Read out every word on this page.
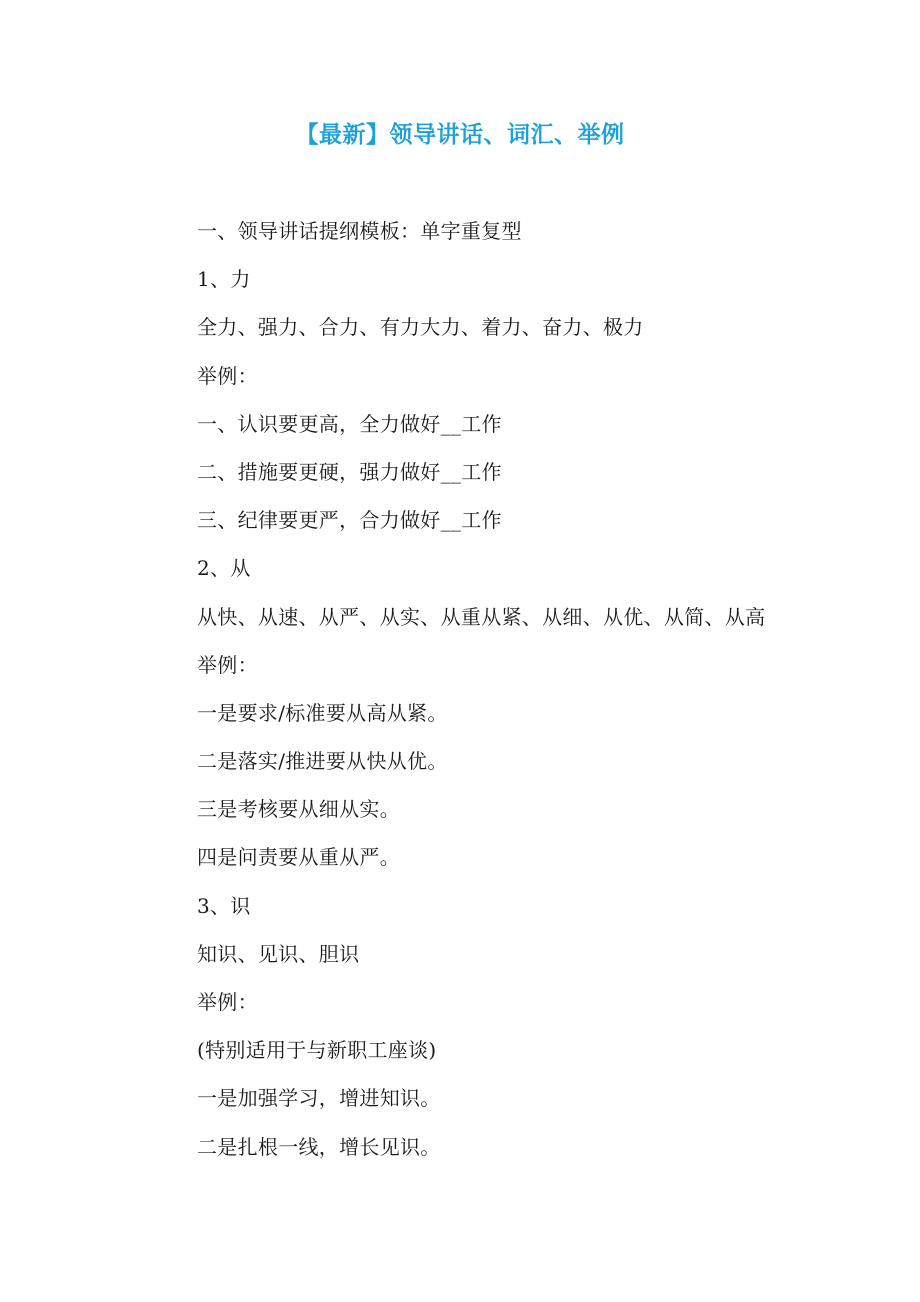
【最新】领导讲话、词汇、举例
一、领导讲话提纲模板：单字重复型
1、力
全力、强力、合力、有力大力、着力、奋力、极力
举例：
一、认识要更高，全力做好__工作
二、措施要更硬，强力做好__工作
三、纪律要更严，合力做好__工作
2、从
从快、从速、从严、从实、从重从紧、从细、从优、从简、从高
举例：
一是要求/标准要从高从紧。
二是落实/推进要从快从优。
三是考核要从细从实。
四是问责要从重从严。
3、识
知识、见识、胆识
举例：
(特别适用于与新职工座谈)
一是加强学习，增进知识。
二是扎根一线，增长见识。
